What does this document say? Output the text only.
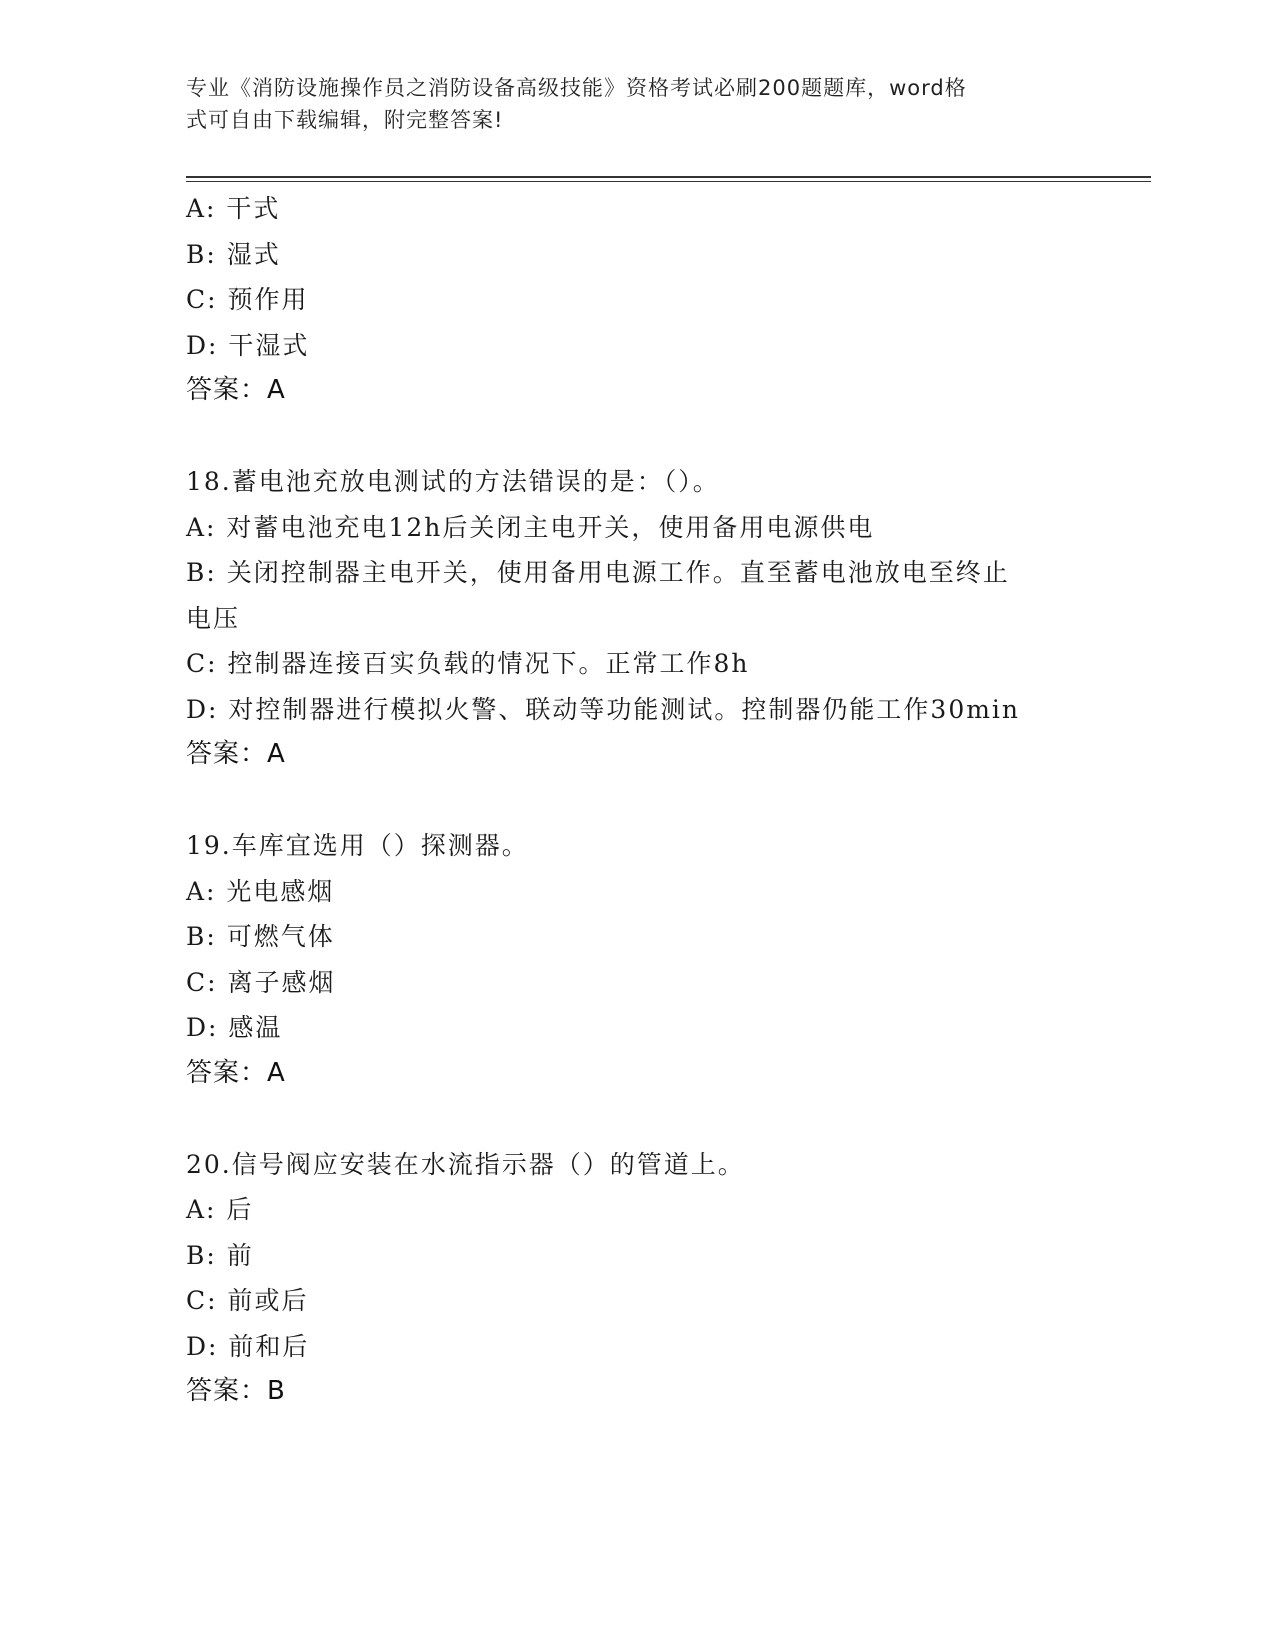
专业《消防设施操作员之消防设备高级技能》资格考试必刷200题题库，word格
式可自由下载编辑，附完整答案!
A: 干式
B: 湿式
C: 预作用
D: 干湿式
答案：A
18.蓄电池充放电测试的方法错误的是：（）。
A: 对蓄电池充电12h后关闭主电开关，使用备用电源供电
B: 关闭控制器主电开关，使用备用电源工作。直至蓄电池放电至终止
电压
C: 控制器连接百实负载的情况下。正常工作8h
D: 对控制器进行模拟火警、联动等功能测试。控制器仍能工作30min
答案：A
19.车库宜选用（）探测器。
A: 光电感烟
B: 可燃气体
C: 离子感烟
D: 感温
答案：A
20.信号阀应安装在水流指示器（）的管道上。
A: 后
B: 前
C: 前或后
D: 前和后
答案：B
